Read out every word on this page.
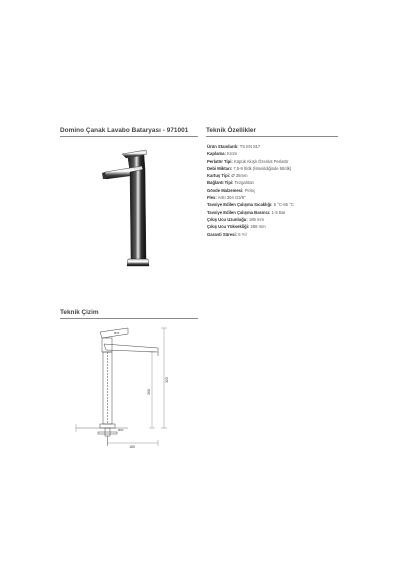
Domino Çanak Lavabo Bataryası - 971001	Teknik Özellikler
Ürün Standardı: TS EN 817
Kaplama: Krom
Perlatör Tipi: Köpük Akışlı Özenlot Perlatör
Debi Miktarı: 7,5-9 lt/dk (İstenildiğinde 5lt/dk)
Kartuş Tipi: Ø 35mm
Bağlantı Tipi: Tezgahtan
Gövde Malzemesi: Pirinç
Flex: AISI 304 G3/8"
Tavsiye Edilen Çalışma Sıcaklığı: 5 °C-65 °C
Tavsiye Edilen Çalışma Basıncı: 1-5 Bar
Çıkış Ucu Uzunluğu: 185 mm
Çıkış Ucu Yüksekliği: 268 mm
Garanti Süresi: 5 Yıl
Teknik Çizim
325
268
185
Ø35
Ø50
